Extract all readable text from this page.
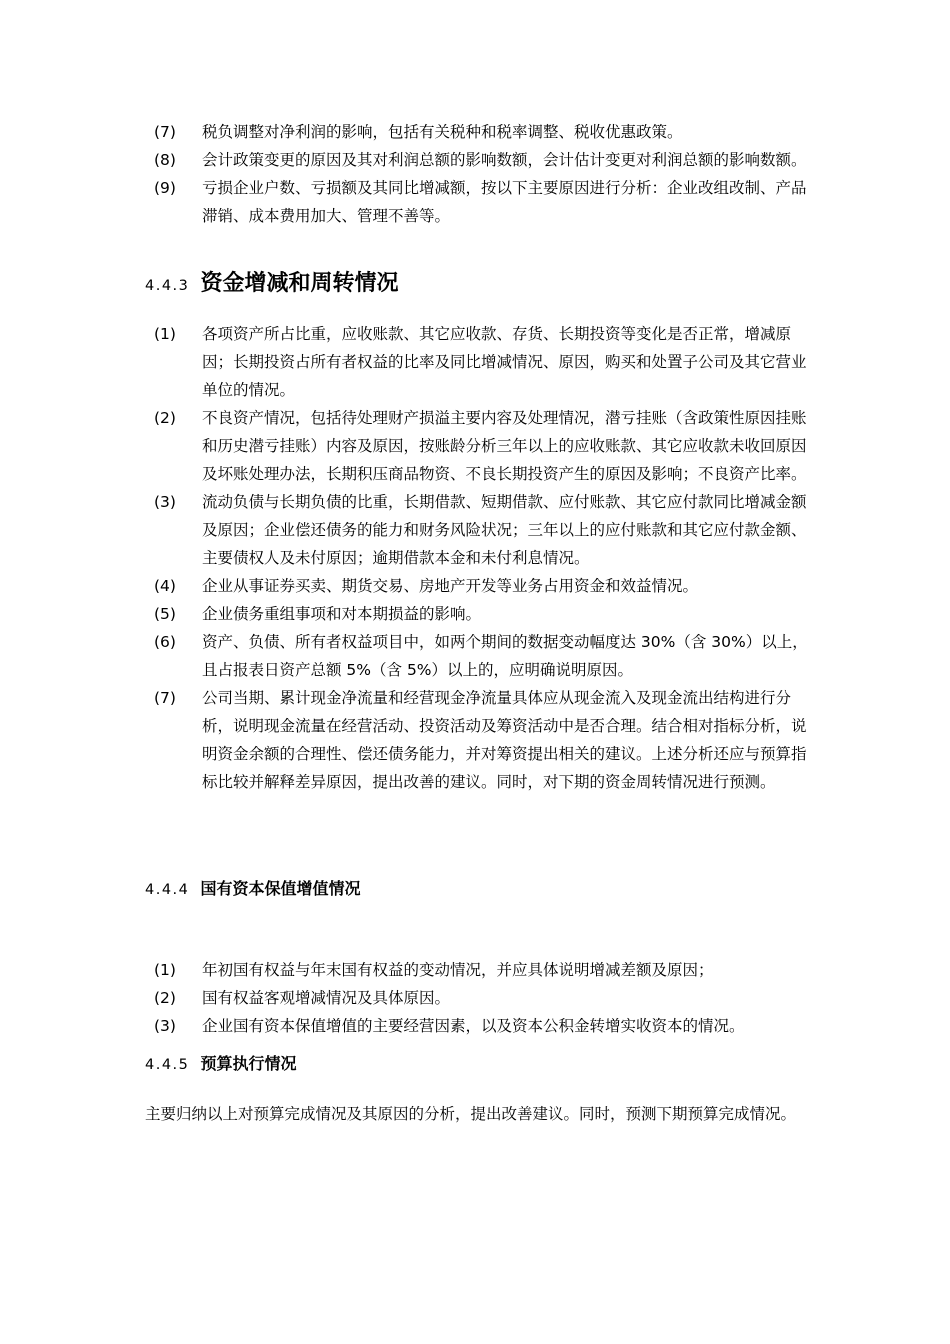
(7) 税负调整对净利润的影响，包括有关税种和税率调整、税收优惠政策。
(8) 会计政策变更的原因及其对利润总额的影响数额，会计估计变更对利润总额的影响数额。
(9) 亏损企业户数、亏损额及其同比增减额，按以下主要原因进行分析：企业改组改制、产品滞销、成本费用加大、管理不善等。
4.4.3 资金增减和周转情况
(1) 各项资产所占比重，应收账款、其它应收款、存货、长期投资等变化是否正常，增减原因；长期投资占所有者权益的比率及同比增减情况、原因，购买和处置子公司及其它营业单位的情况。
(2) 不良资产情况，包括待处理财产损溢主要内容及处理情况，潜亏挂账（含政策性原因挂账和历史潜亏挂账）内容及原因，按账龄分析三年以上的应收账款、其它应收款未收回原因及坏账处理办法，长期积压商品物资、不良长期投资产生的原因及影响；不良资产比率。
(3) 流动负债与长期负债的比重，长期借款、短期借款、应付账款、其它应付款同比增减金额及原因；企业偿还债务的能力和财务风险状况；三年以上的应付账款和其它应付款金额、主要债权人及未付原因；逾期借款本金和未付利息情况。
(4) 企业从事证券买卖、期货交易、房地产开发等业务占用资金和效益情况。
(5) 企业债务重组事项和对本期损益的影响。
(6) 资产、负债、所有者权益项目中，如两个期间的数据变动幅度达 30%（含 30%）以上，且占报表日资产总额 5%（含 5%）以上的，应明确说明原因。
(7) 公司当期、累计现金净流量和经营现金净流量具体应从现金流入及现金流出结构进行分析，说明现金流量在经营活动、投资活动及筹资活动中是否合理。结合相对指标分析，说明资金余额的合理性、偿还债务能力，并对筹资提出相关的建议。上述分析还应与预算指标比较并解释差异原因，提出改善的建议。同时，对下期的资金周转情况进行预测。
4.4.4 国有资本保值增值情况
(1) 年初国有权益与年末国有权益的变动情况，并应具体说明增减差额及原因；
(2) 国有权益客观增减情况及具体原因。
(3) 企业国有资本保值增值的主要经营因素，以及资本公积金转增实收资本的情况。
4.4.5 预算执行情况
主要归纳以上对预算完成情况及其原因的分析，提出改善建议。同时，预测下期预算完成情况。
